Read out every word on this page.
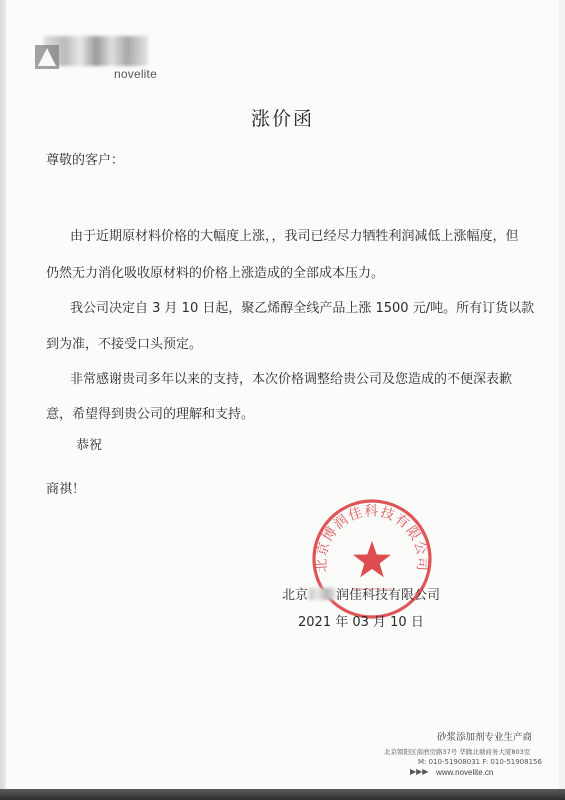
novelite
涨价函
尊敬的客户：
由于近期原材料价格的大幅度上涨，，我司已经尽力牺牲利润减低上涨幅度，但
仍然无力消化吸收原材料的价格上涨造成的全部成本压力。
我公司决定自 3 月 10 日起，聚乙烯醇全线产品上涨 1500 元/吨。所有订货以款
到为准，不接受口头预定。
非常感谢贵司多年以来的支持，本次价格调整给贵公司及您造成的不便深表歉
意，希望得到贵公司的理解和支持。
恭祝
商祺！
北京博润佳科技有限公司
北京 润佳科技有限公司
2021 年 03 月 10 日
砂浆添加剂专业生产商
北京朝阳区南磨房路37号 华腾北塘商务大厦803室
M: 010-51908031 F: 010-51908156
▶▶▶ www.novelite.cn
